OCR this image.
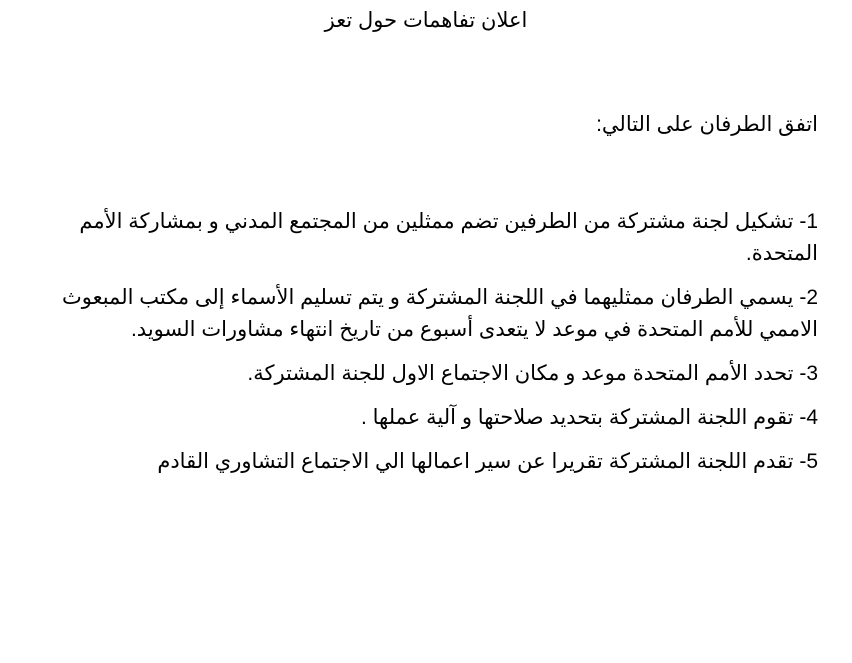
اعلان تفاهمات حول تعز

اتفق الطرفان على التالي:

1- تشكيل لجنة مشتركة من الطرفين تضم ممثلين من المجتمع المدني و بمشاركة الأمم المتحدة.
2- يسمي الطرفان ممثليهما في اللجنة المشتركة و يتم تسليم الأسماء إلى مكتب المبعوث الاممي للأمم المتحدة في موعد لا يتعدى أسبوع من تاريخ انتهاء مشاورات السويد.
3- تحدد الأمم المتحدة موعد و مكان الاجتماع الاول للجنة المشتركة.
4- تقوم اللجنة المشتركة بتحديد صلاحتها و آلية عملها .
5- تقدم اللجنة المشتركة تقريرا عن سير اعمالها الي الاجتماع التشاوري القادم
